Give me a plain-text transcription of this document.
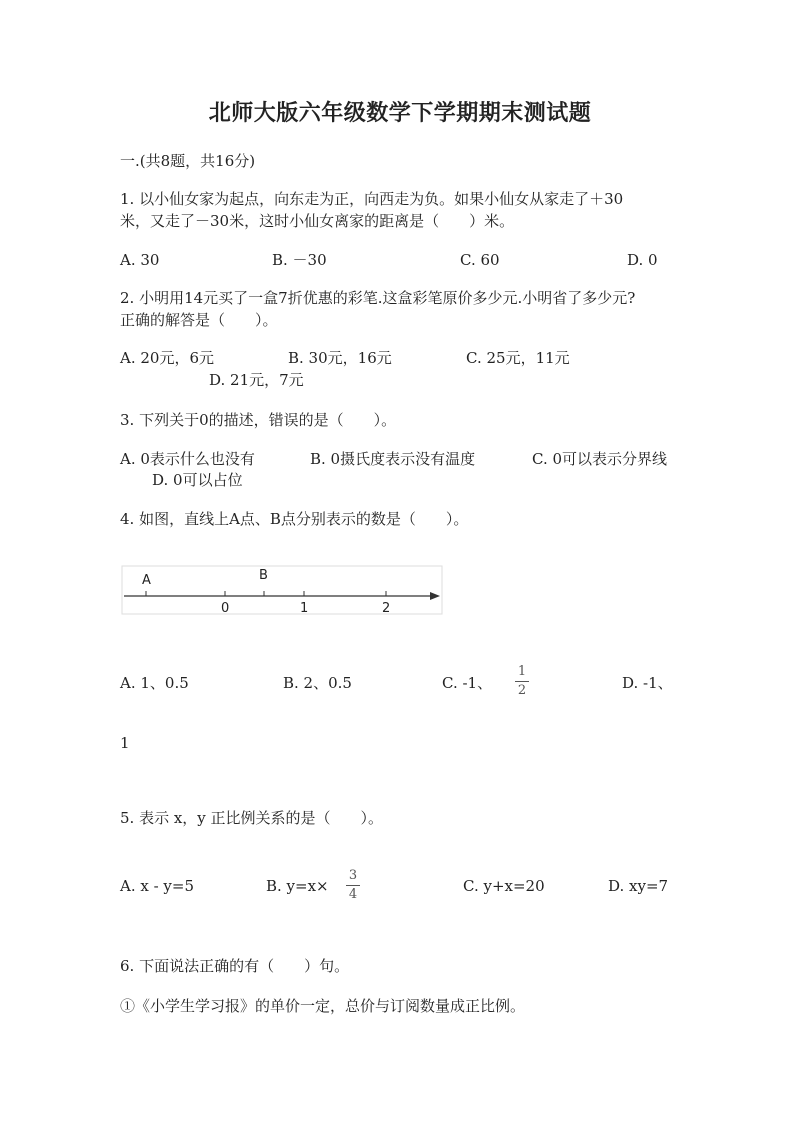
北师大版六年级数学下学期期末测试题
一.(共8题，共16分)
1. 以小仙女家为起点，向东走为正，向西走为负。如果小仙女从家走了＋30
米，又走了－30米，这时小仙女离家的距离是（　　）米。
A. 30	B. －30	C. 60	D. 0
2. 小明用14元买了一盒7折优惠的彩笔.这盒彩笔原价多少元.小明省了多少元?
正确的解答是（　　）。
A. 20元，6元	B. 30元，16元	C. 25元，11元
D. 21元，7元
3. 下列关于0的描述，错误的是（　　）。
A. 0表示什么也没有	B. 0摄氏度表示没有温度	C. 0可以表示分界线
D. 0可以占位
4. 如图，直线上A点、B点分别表示的数是（　　）。
A	B
0	1	2
A. 1、0.5	B. 2、0.5	C. -1、
1
2	D. -1、
1
5. 表示 x，y 正比例关系的是（　　）。
A. x - y=5	B. y=x×
3
4	C. y+x=20	D. xy=7
6. 下面说法正确的有（　　）句。
①《小学生学习报》的单价一定，总价与订阅数量成正比例。
